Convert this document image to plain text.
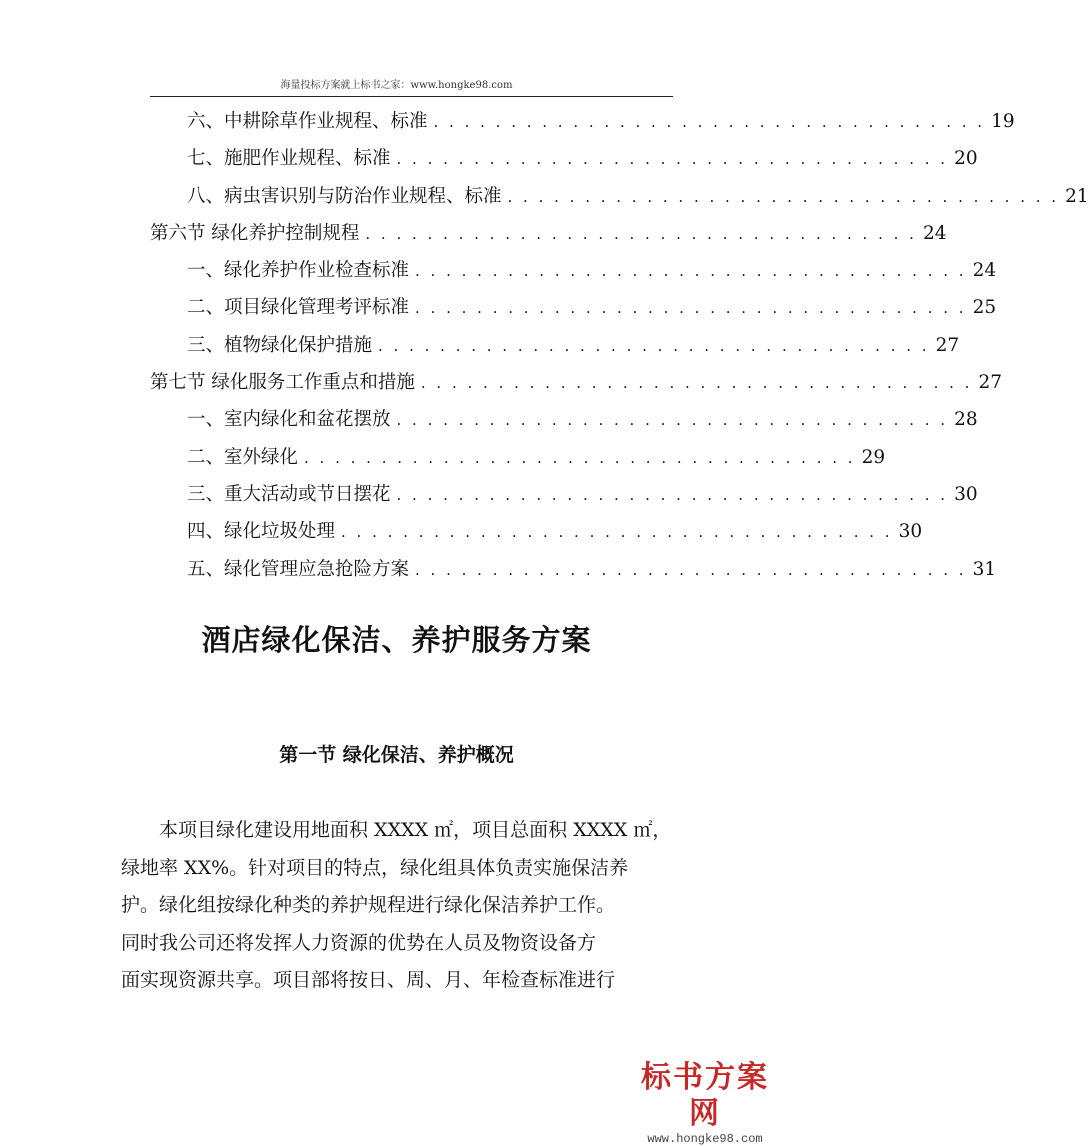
海量投标方案就上标书之家：www.hongke98.com
六、中耕除草作业规程、标准 . . . . . . . . . . . . . . . . . . . . . . . . . . . . . . . . . . . . 19
七、施肥作业规程、标准 . . . . . . . . . . . . . . . . . . . . . . . . . . . . . . . . . . . . 20
八、病虫害识别与防治作业规程、标准 . . . . . . . . . . . . . . . . . . . . . . . . . . . . . . . . . . . . 21
第六节 绿化养护控制规程 . . . . . . . . . . . . . . . . . . . . . . . . . . . . . . . . . . . . 24
一、绿化养护作业检查标准 . . . . . . . . . . . . . . . . . . . . . . . . . . . . . . . . . . . . 24
二、项目绿化管理考评标准 . . . . . . . . . . . . . . . . . . . . . . . . . . . . . . . . . . . . 25
三、植物绿化保护措施 . . . . . . . . . . . . . . . . . . . . . . . . . . . . . . . . . . . . 27
第七节 绿化服务工作重点和措施 . . . . . . . . . . . . . . . . . . . . . . . . . . . . . . . . . . . . 27
一、室内绿化和盆花摆放 . . . . . . . . . . . . . . . . . . . . . . . . . . . . . . . . . . . . 28
二、室外绿化 . . . . . . . . . . . . . . . . . . . . . . . . . . . . . . . . . . . . 29
三、重大活动或节日摆花 . . . . . . . . . . . . . . . . . . . . . . . . . . . . . . . . . . . . 30
四、绿化垃圾处理 . . . . . . . . . . . . . . . . . . . . . . . . . . . . . . . . . . . . 30
五、绿化管理应急抢险方案 . . . . . . . . . . . . . . . . . . . . . . . . . . . . . . . . . . . . 31
酒店绿化保洁、养护服务方案
第一节 绿化保洁、养护概况
本项目绿化建设用地面积 XXXX ㎡，项目总面积 XXXX ㎡，
绿地率 XX%。针对项目的特点，绿化组具体负责实施保洁养
护。绿化组按绿化种类的养护规程进行绿化保洁养护工作。
同时我公司还将发挥人力资源的优势在人员及物资设备方
面实现资源共享。项目部将按日、周、月、年检查标准进行
标书方案网
www.hongke98.com
